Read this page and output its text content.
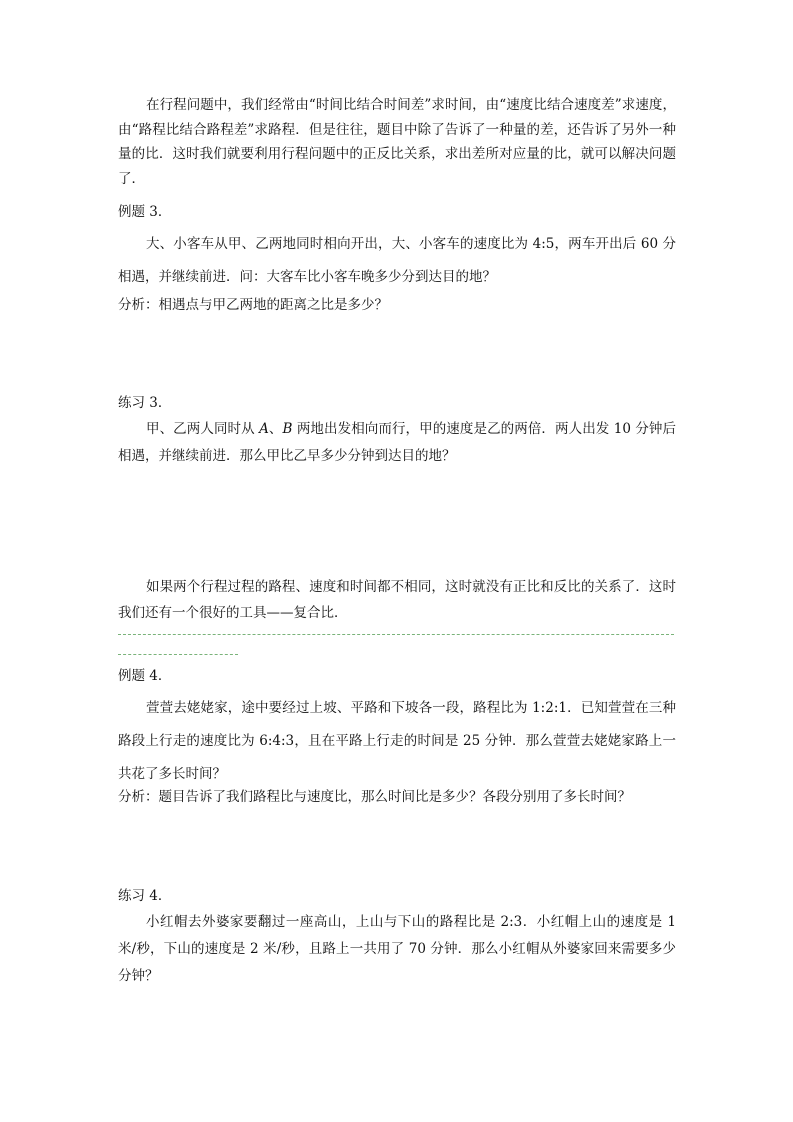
在行程问题中，我们经常由“时间比结合时间差”求时间，由“速度比结合速度差”求速度，由“路程比结合路程差”求路程．但是往往，题目中除了告诉了一种量的差，还告诉了另外一种量的比．这时我们就要利用行程问题中的正反比关系，求出差所对应量的比，就可以解决问题了．

例题 3．

大、小客车从甲、乙两地同时相向开出，大、小客车的速度比为 4:5，两车开出后 60 分相遇，并继续前进．问：大客车比小客车晚多少分到达目的地？

分析：相遇点与甲乙两地的距离之比是多少？

练习 3．

甲、乙两人同时从 A、B 两地出发相向而行，甲的速度是乙的两倍．两人出发 10 分钟后相遇，并继续前进．那么甲比乙早多少分钟到达目的地？

如果两个行程过程的路程、速度和时间都不相同，这时就没有正比和反比的关系了．这时我们还有一个很好的工具——复合比．

例题 4．

萱萱去姥姥家，途中要经过上坡、平路和下坡各一段，路程比为 1:2:1．已知萱萱在三种路段上行走的速度比为 6:4:3，且在平路上行走的时间是 25 分钟．那么萱萱去姥姥家路上一共花了多长时间？

分析：题目告诉了我们路程比与速度比，那么时间比是多少？各段分别用了多长时间？

练习 4．

小红帽去外婆家要翻过一座高山，上山与下山的路程比是 2:3．小红帽上山的速度是 1 米/秒，下山的速度是 2 米/秒，且路上一共用了 70 分钟．那么小红帽从外婆家回来需要多少分钟？
